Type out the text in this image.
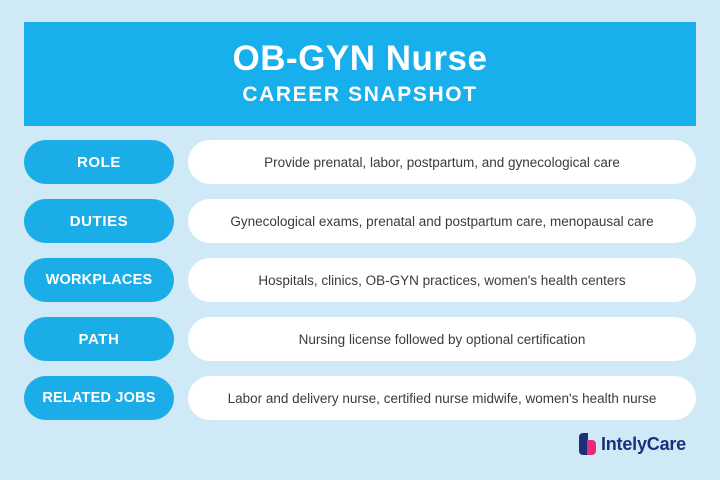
OB-GYN Nurse
CAREER SNAPSHOT
ROLE	Provide prenatal, labor, postpartum, and gynecological care
DUTIES	Gynecological exams, prenatal and postpartum care, menopausal care
WORKPLACES	Hospitals, clinics, OB-GYN practices, women's health centers
PATH	Nursing license followed by optional certification
RELATED JOBS	Labor and delivery nurse, certified nurse midwife, women's health nurse
IntelyCare
